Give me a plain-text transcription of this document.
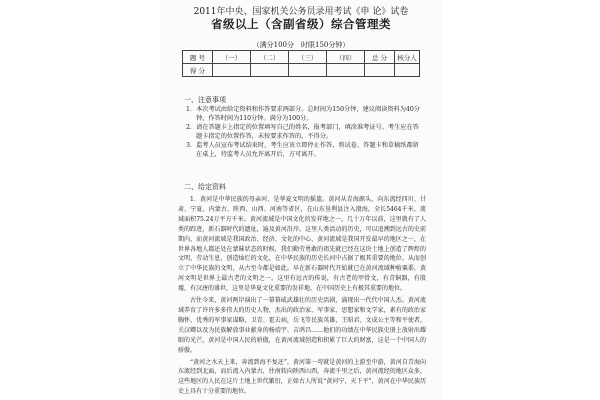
2011年中央、国家机关公务员录用考试《申 论》试卷
省级以上（含副省级）综合管理类
（满分100分　时限150分钟）
题 号	（一）	（二）	（三）	（四）	总 分	核分人
得 分						
一、注意事项

1．本次考试由给定资料和作答要求两部分。总时间为150分钟，建议阅读资料为40分钟，作答时间为110分钟。满分为100分。

2．请在答题卡上指定的位置填写自己的姓名，报考部门，填涂准考证号。考生应在答题卡指定的位置作答，未按要求作答的，不得分。

3．监考人员宣布考试结束时，考生应该立即停止作答，将试卷、答题卡和草稿纸都留在桌上，待监考人员允许离开后，方可离开。

二、给定资料

1．黄河是中华民族的母亲河，是华夏文明的摇篮。黄河从青海源头，向东流经四川、甘肃、宁夏、内蒙古、陕西、山西、河南等省区，在山东垦利县注入渤海，全长5464千米，流域面积75.24万平方千米。黄河流域是中国文化的发祥地之一，几十万年以前，这里就有了人类的踪迹，新石器时代的遗址，遍及黄河沿岸。这里人类活动的历史，可以追溯到远古的史前期内，而黄河流域是我国政治、经济、文化的中心，黄河流域是我国开发最早的地区之一，在世界各地人都还处在蒙昧状态的时候，我们勤劳勇敢的祖先就已经在这块土地上创造了辉煌的文明，劳动生息，创造灿烂的文化，在中华民族的历史长河中占据了极其重要的地位。从而创立了中华民族的文明，从古至今都是如此。早在新石器时代开始就已在黄河流域种植粟黍，黄河文明是世界上最古老的文明之一。这里有远古的传说，有古老的甲骨文，有青铜器，有殷墟，有汉唐的盛世，这里是华夏文化重要的发祥地，在中国历史上有极其重要的地位。

古往今来，黄河两岸演出了一幕幕威武雄壮的历史活剧，涌现出一代代中国人杰。黄河流域养育了许许多多伟大的历史人物，杰出的政治家、军事家、思想家和文学家，素有的政治家胸怀，优秀的军事家谋略，卫青、霍去病，岳飞等民族英雄，王昭君、文成公主等和平使者，关汉卿以及为民族解放事业献身的杨靖宇、吉鸿昌……他们的功绩在中华民族史册上放射出耀眼的光芒，黄河是中国人民的骄傲，在黄河流域创造和积累了巨大的财富，这是一个中国人的骄傲。

“黄河之水天上来，奔流到海不复还”，黄河第一弯就是黄河的上游至中游，黄河自青海向东流经到北面，而后流入内蒙古，往南转向陕西山西，奔流千里之后，黄河流经的地区众多，这些地区的人民在这片土地上世代繁衍，正如古人所说“黄河宁，天下平”，黄河在中华民族历史上具有十分重要的地位。
